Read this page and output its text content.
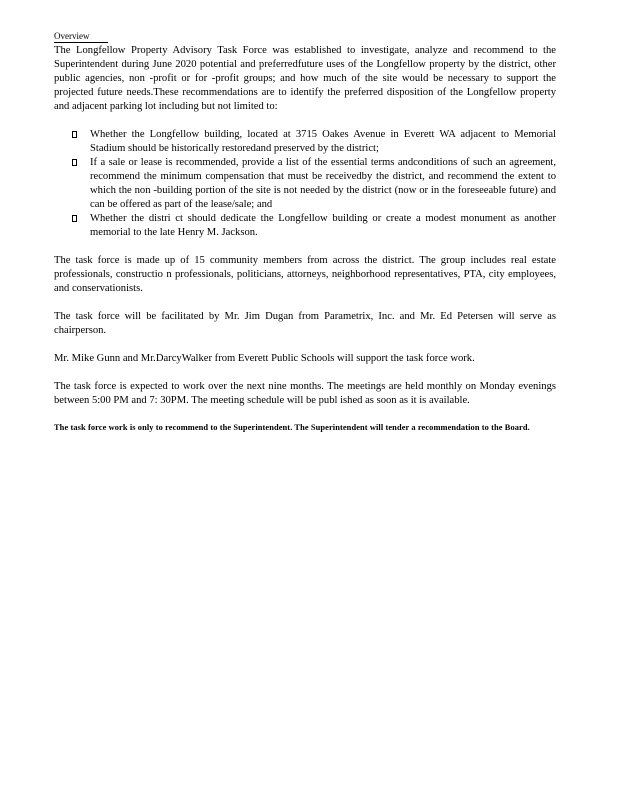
Overview

The Longfellow Property Advisory Task Force was established to investigate, analyze and recommend to the Superintendent during June 2020 potential and preferredfuture uses of the Longfellow property by the district, other public agencies, non -profit or for -profit groups; and how much of the site would be necessary to support the projected future needs.These recommendations are to identify the preferred disposition of the Longfellow property and adjacent parking lot including but not limited to:

Whether the Longfellow building, located at 3715 Oakes Avenue in Everett WA adjacent to Memorial Stadium should be historically restoredand preserved by the district;
If a sale or lease is recommended, provide a list of the essential terms andconditions of such an agreement, recommend the minimum compensation that must be receivedby the district, and recommend the extent to which the non -building portion of the site is not needed by the district (now or in the foreseeable future) and can be offered as part of the lease/sale; and
Whether the distri ct should dedicate the Longfellow building or create a modest monument as another memorial to the late Henry M. Jackson.

The task force is made up of 15 community members from across the district. The group includes real estate professionals, constructio n professionals, politicians, attorneys, neighborhood representatives, PTA, city employees, and conservationists.

The task force will be facilitated by Mr. Jim Dugan from Parametrix, Inc. and Mr. Ed Petersen will serve as chairperson.

Mr. Mike Gunn and Mr.DarcyWalker from Everett Public Schools will support the task force work.

The task force is expected to work over the next nine months. The meetings are held monthly on Monday evenings between 5:00 PM and 7: 30PM. The meeting schedule will be publ ished as soon as it is available.

The task force work is only to recommend to the Superintendent. The Superintendent will tender a recommendation to the Board.
